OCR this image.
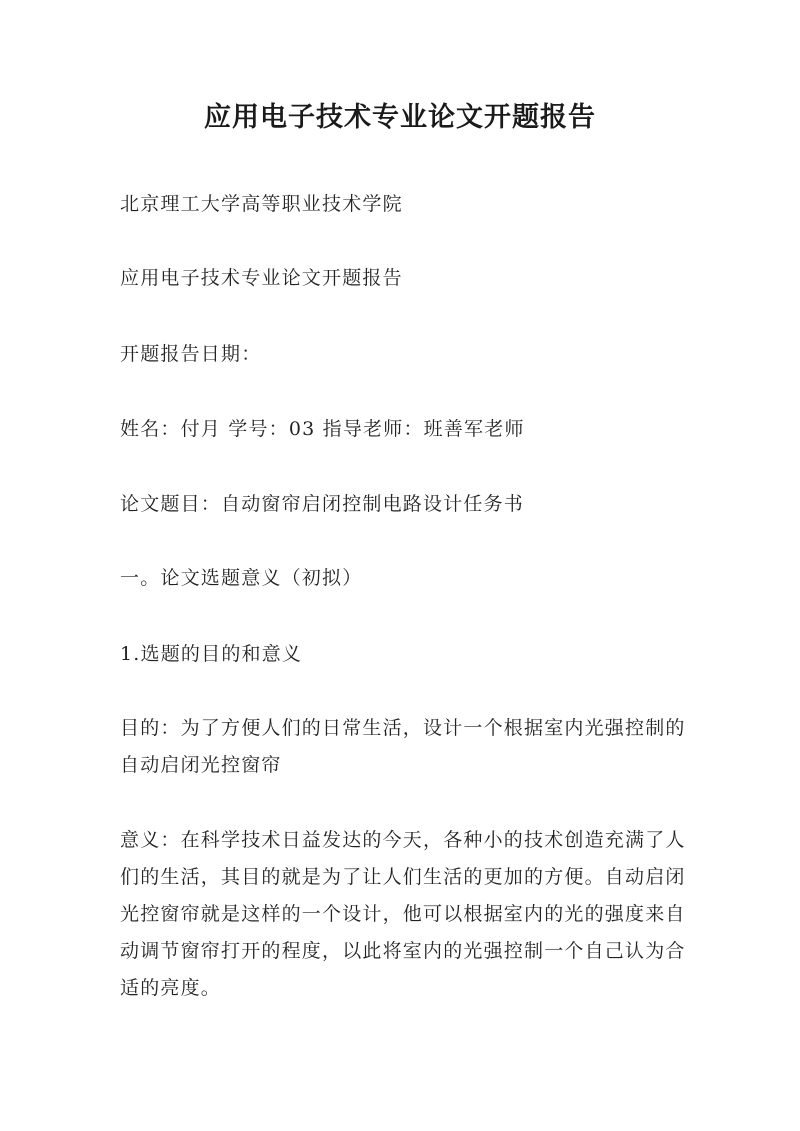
应用电子技术专业论文开题报告

北京理工大学高等职业技术学院

应用电子技术专业论文开题报告

开题报告日期：

姓名：付月 学号：03 指导老师：班善军老师

论文题目：自动窗帘启闭控制电路设计任务书

一。论文选题意义（初拟）

1.选题的目的和意义

目的：为了方便人们的日常生活，设计一个根据室内光强控制的自动启闭光控窗帘

意义：在科学技术日益发达的今天，各种小的技术创造充满了人们的生活，其目的就是为了让人们生活的更加的方便。自动启闭光控窗帘就是这样的一个设计，他可以根据室内的光的强度来自动调节窗帘打开的程度，以此将室内的光强控制一个自己认为合适的亮度。
